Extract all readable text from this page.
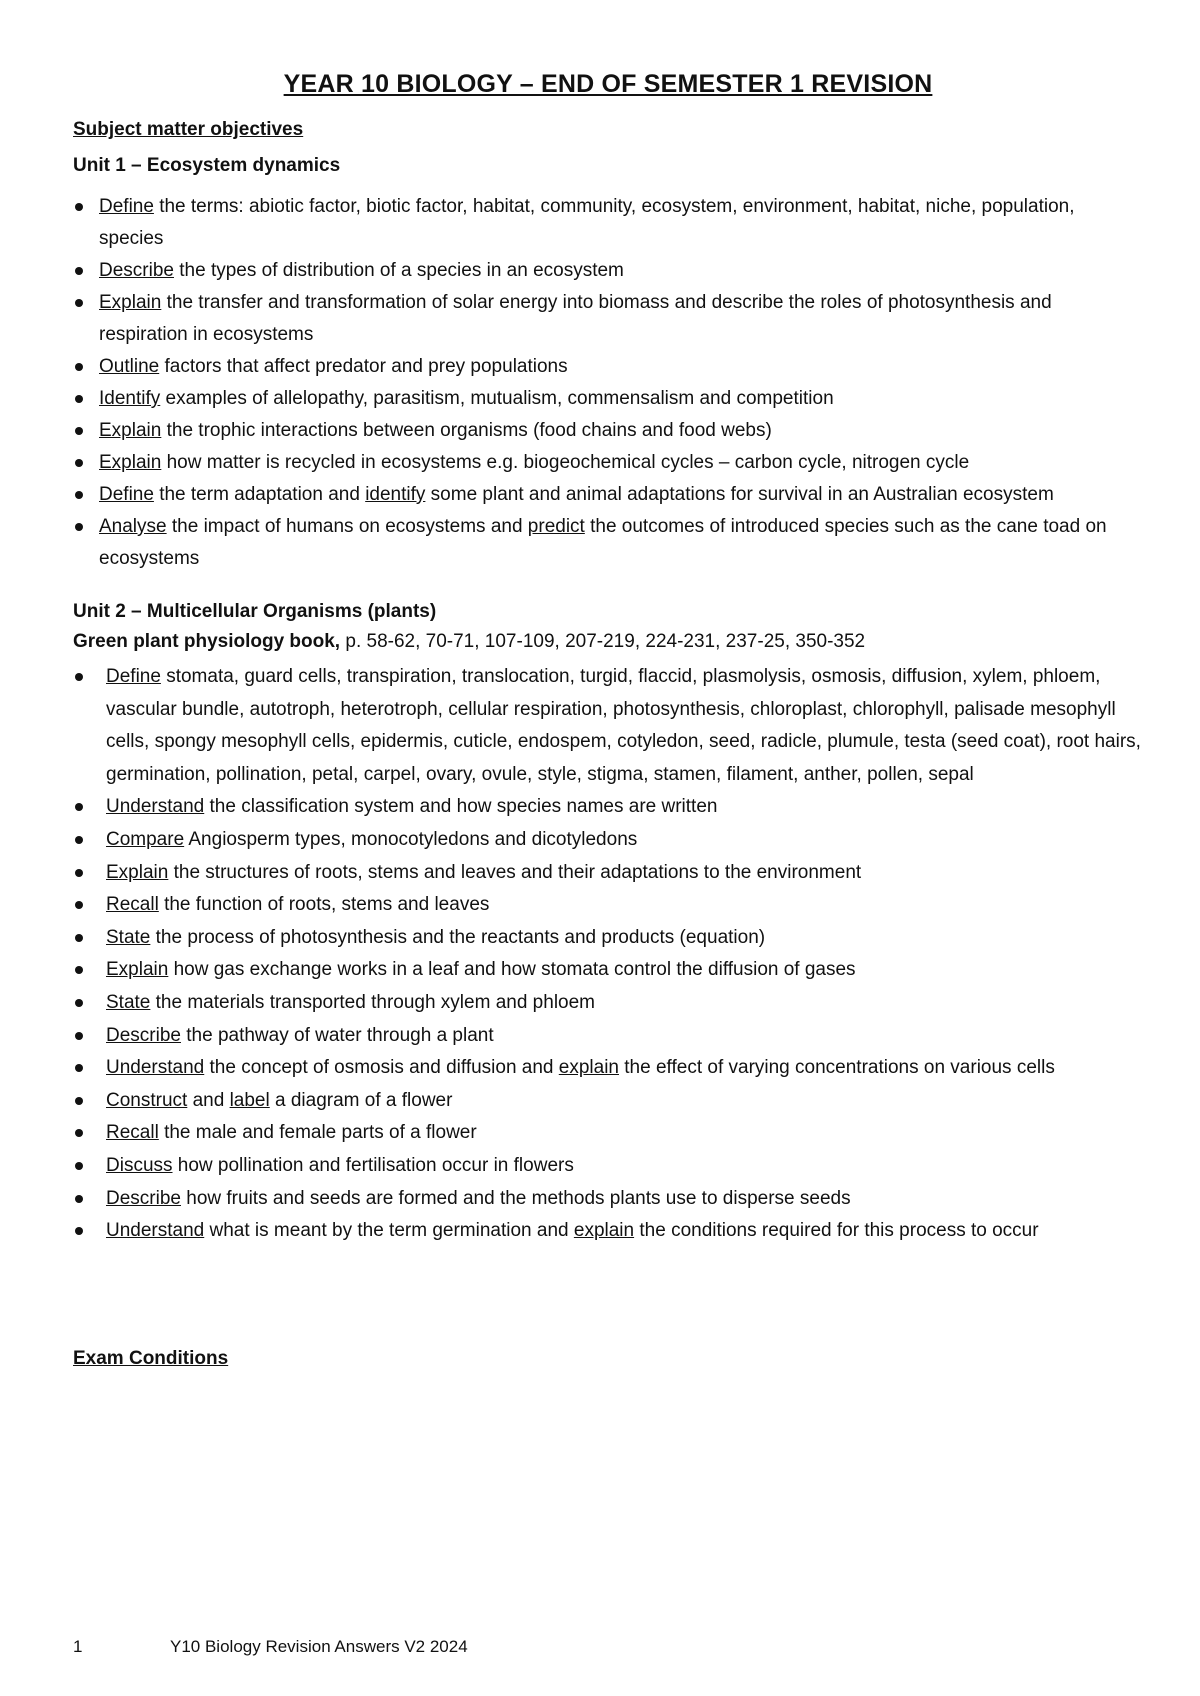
YEAR 10 BIOLOGY – END OF SEMESTER 1 REVISION
Subject matter objectives
Unit 1 – Ecosystem dynamics
Define the terms: abiotic factor, biotic factor, habitat, community, ecosystem, environment, habitat, niche, population, species
Describe the types of distribution of a species in an ecosystem
Explain the transfer and transformation of solar energy into biomass and describe the roles of photosynthesis and respiration in ecosystems
Outline factors that affect predator and prey populations
Identify examples of allelopathy, parasitism, mutualism, commensalism and competition
Explain the trophic interactions between organisms (food chains and food webs)
Explain how matter is recycled in ecosystems e.g. biogeochemical cycles – carbon cycle, nitrogen cycle
Define the term adaptation and identify some plant and animal adaptations for survival in an Australian ecosystem
Analyse the impact of humans on ecosystems and predict the outcomes of introduced species such as the cane toad on ecosystems
Unit 2 – Multicellular Organisms (plants)
Green plant physiology book, p. 58-62, 70-71, 107-109, 207-219, 224-231, 237-25, 350-352
Define stomata, guard cells, transpiration, translocation, turgid, flaccid, plasmolysis, osmosis, diffusion, xylem, phloem, vascular bundle, autotroph, heterotroph, cellular respiration, photosynthesis, chloroplast, chlorophyll, palisade mesophyll cells, spongy mesophyll cells, epidermis, cuticle, endospem, cotyledon, seed, radicle, plumule, testa (seed coat), root hairs, germination, pollination, petal, carpel, ovary, ovule, style, stigma, stamen, filament, anther, pollen, sepal
Understand the classification system and how species names are written
Compare Angiosperm types, monocotyledons and dicotyledons
Explain the structures of roots, stems and leaves and their adaptations to the environment
Recall the function of roots, stems and leaves
State the process of photosynthesis and the reactants and products (equation)
Explain how gas exchange works in a leaf and how stomata control the diffusion of gases
State the materials transported through xylem and phloem
Describe the pathway of water through a plant
Understand the concept of osmosis and diffusion and explain the effect of varying concentrations on various cells
Construct and label a diagram of a flower
Recall the male and female parts of a flower
Discuss how pollination and fertilisation occur in flowers
Describe how fruits and seeds are formed and the methods plants use to disperse seeds
Understand what is meant by the term germination and explain the conditions required for this process to occur
Exam Conditions
1	Y10 Biology Revision Answers V2 2024
